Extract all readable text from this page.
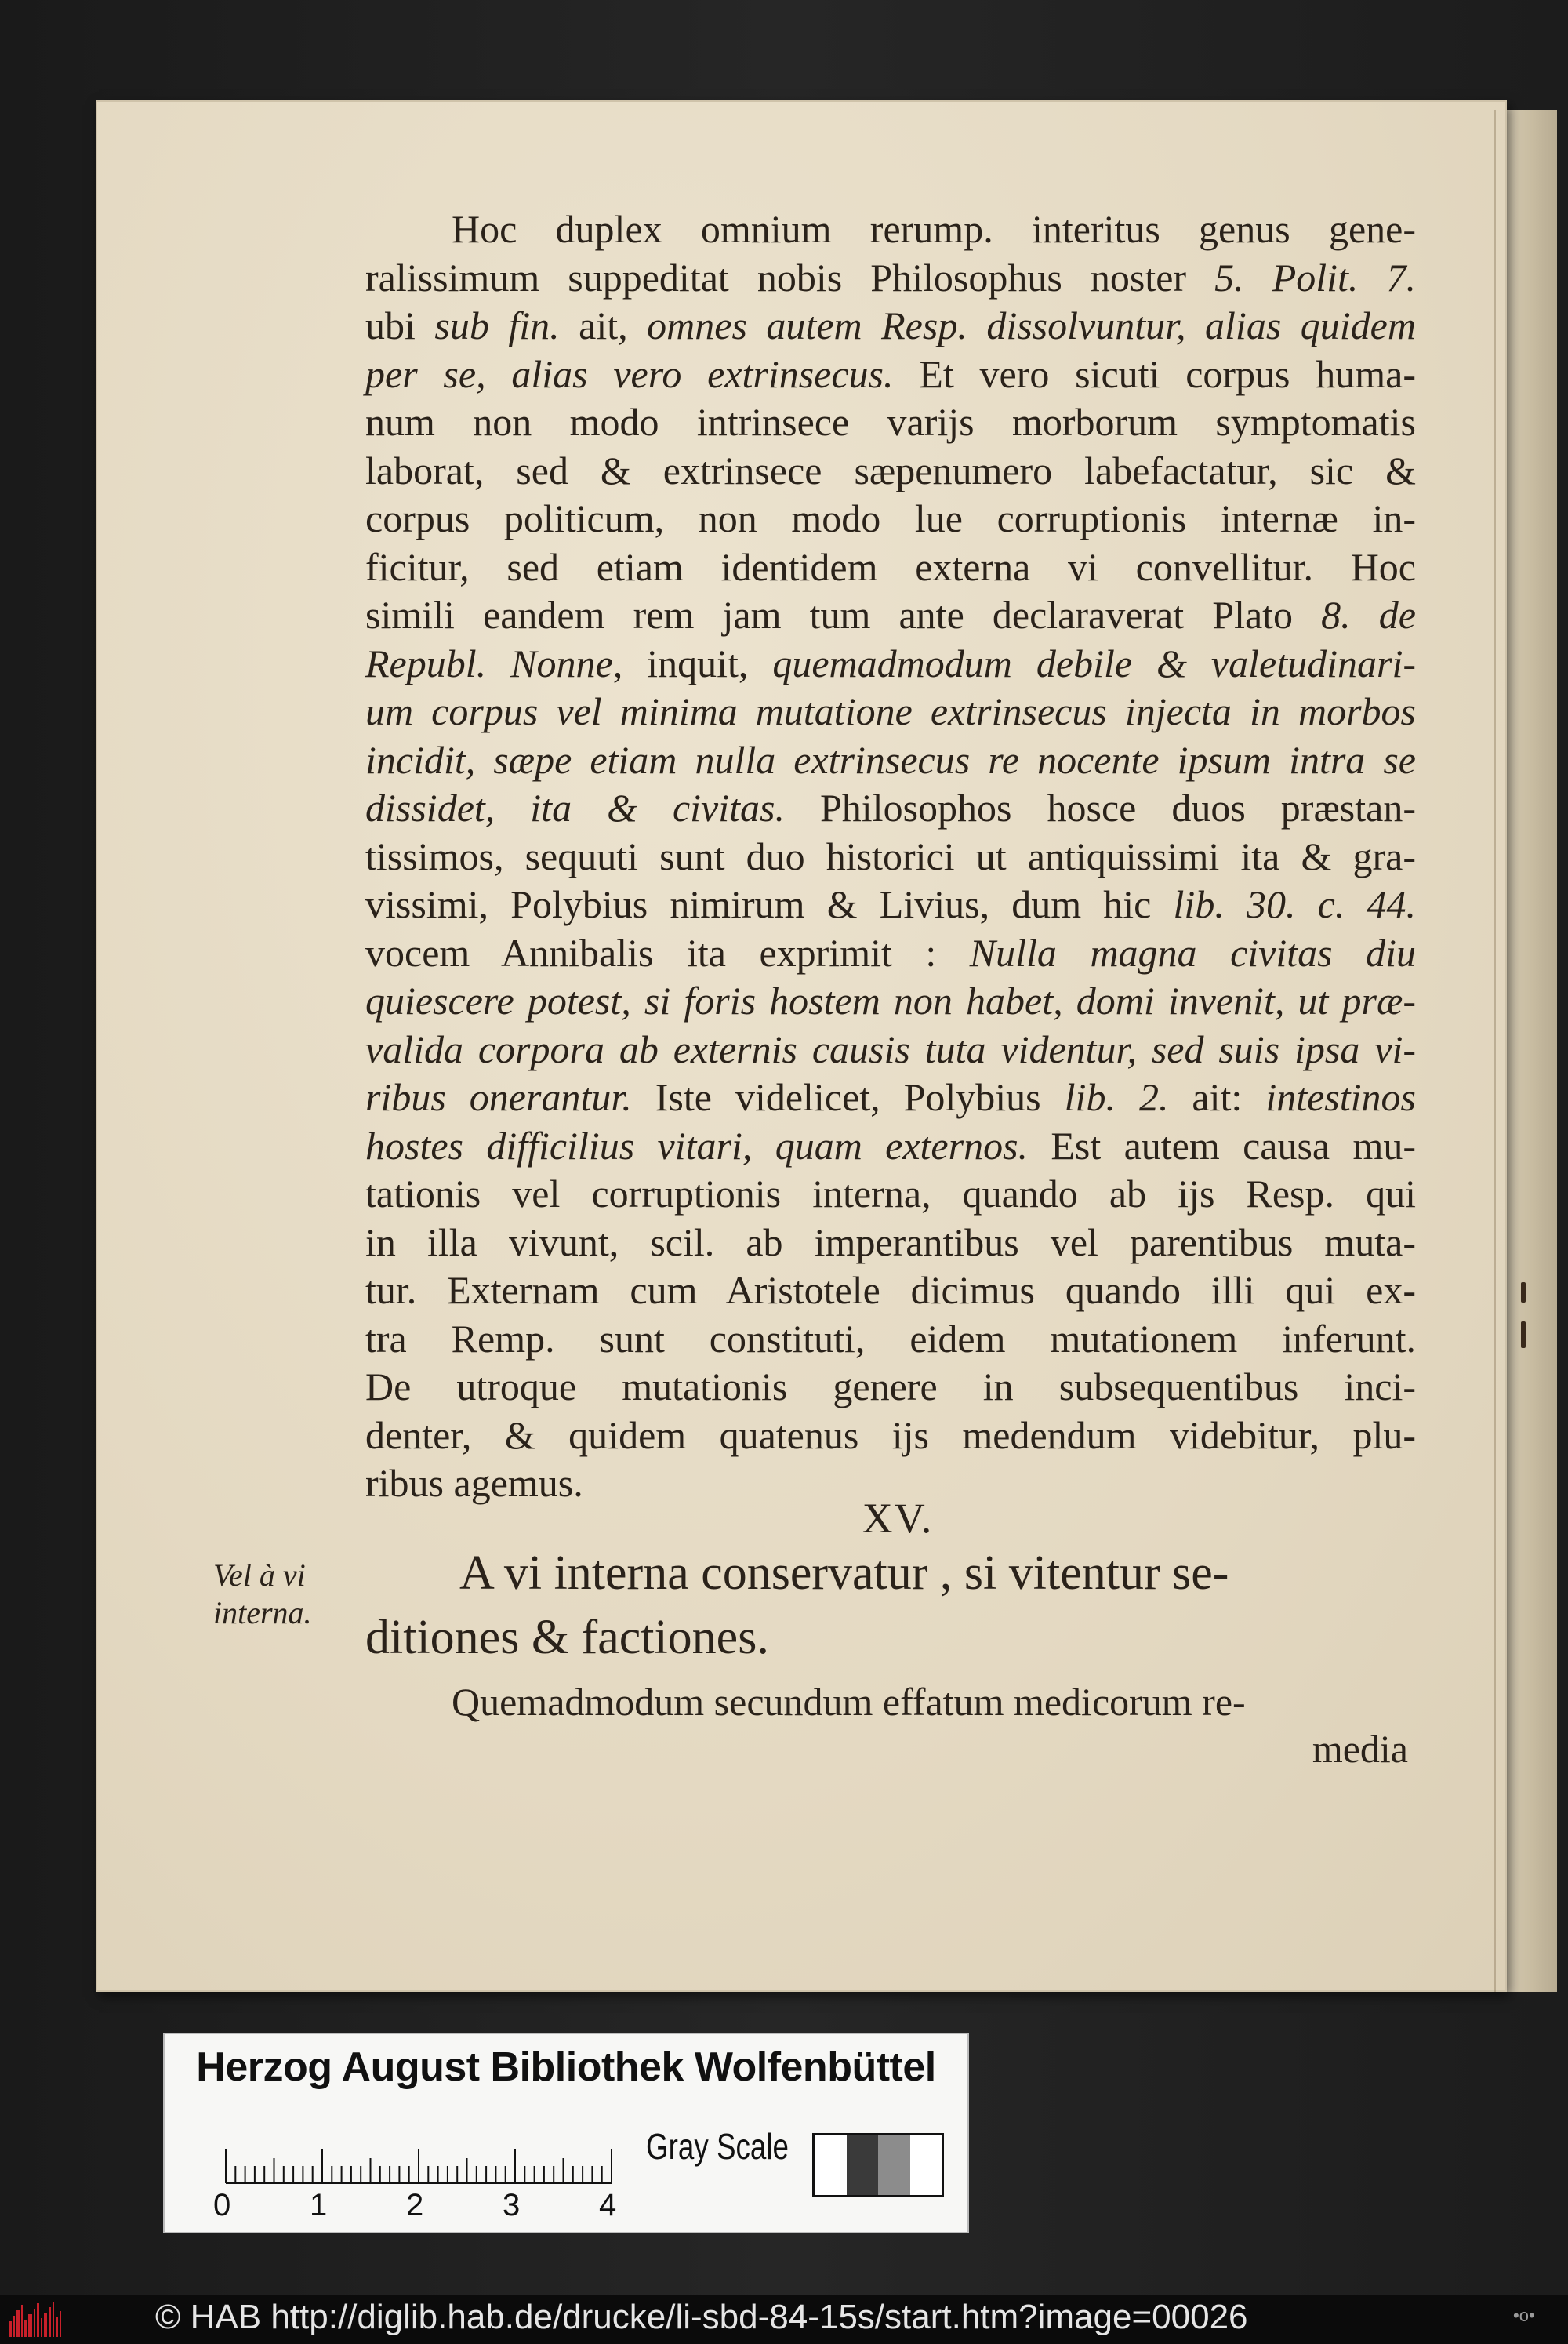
Hoc duplex omnium rerump. interitus genus gene-

ralissimum suppeditat nobis Philosophus noster 5. Polit. 7.

ubi sub fin. ait, omnes autem Resp. dissolvuntur, alias quidem

per se, alias vero extrinsecus. Et vero sicuti corpus huma-

num non modo intrinsece varijs morborum symptomatis

laborat, sed & extrinsece sæpenumero labefactatur, sic &

corpus politicum, non modo lue corruptionis internæ in-

ficitur, sed etiam identidem externa vi convellitur. Hoc

simili eandem rem jam tum ante declaraverat Plato 8. de

Republ. Nonne, inquit, quemadmodum debile & valetudinari-

um corpus vel minima mutatione extrinsecus injecta in morbos

incidit, sæpe etiam nulla extrinsecus re nocente ipsum intra se

dissidet, ita & civitas. Philosophos hosce duos præstan-

tissimos, sequuti sunt duo historici ut antiquissimi ita & gra-

vissimi, Polybius nimirum & Livius, dum hic lib. 30. c. 44.

vocem Annibalis ita exprimit : Nulla magna civitas diu

quiescere potest, si foris hostem non habet, domi invenit, ut præ-

valida corpora ab externis causis tuta videntur, sed suis ipsa vi-

ribus onerantur. Iste videlicet, Polybius lib. 2. ait: intestinos

hostes difficilius vitari, quam externos. Est autem causa mu-

tationis vel corruptionis interna, quando ab ijs Resp. qui

in illa vivunt, scil. ab imperantibus vel parentibus muta-

tur. Externam cum Aristotele dicimus quando illi qui ex-

tra Remp. sunt constituti, eidem mutationem inferunt.

De utroque mutationis genere in subsequentibus inci-

denter, & quidem quatenus ijs medendum videbitur, plu-

ribus agemus.

XV.
Vel à vi
interna.
A vi interna conservatur , si vitentur se-
ditiones & factiones.
Quemadmodum secundum effatum medicorum re-
media
Herzog August Bibliothek Wolfenbüttel
0	1	2	3	4
Gray Scale
© HAB http://diglib.hab.de/drucke/li-sbd-84-15s/start.htm?image=00026	•o•
